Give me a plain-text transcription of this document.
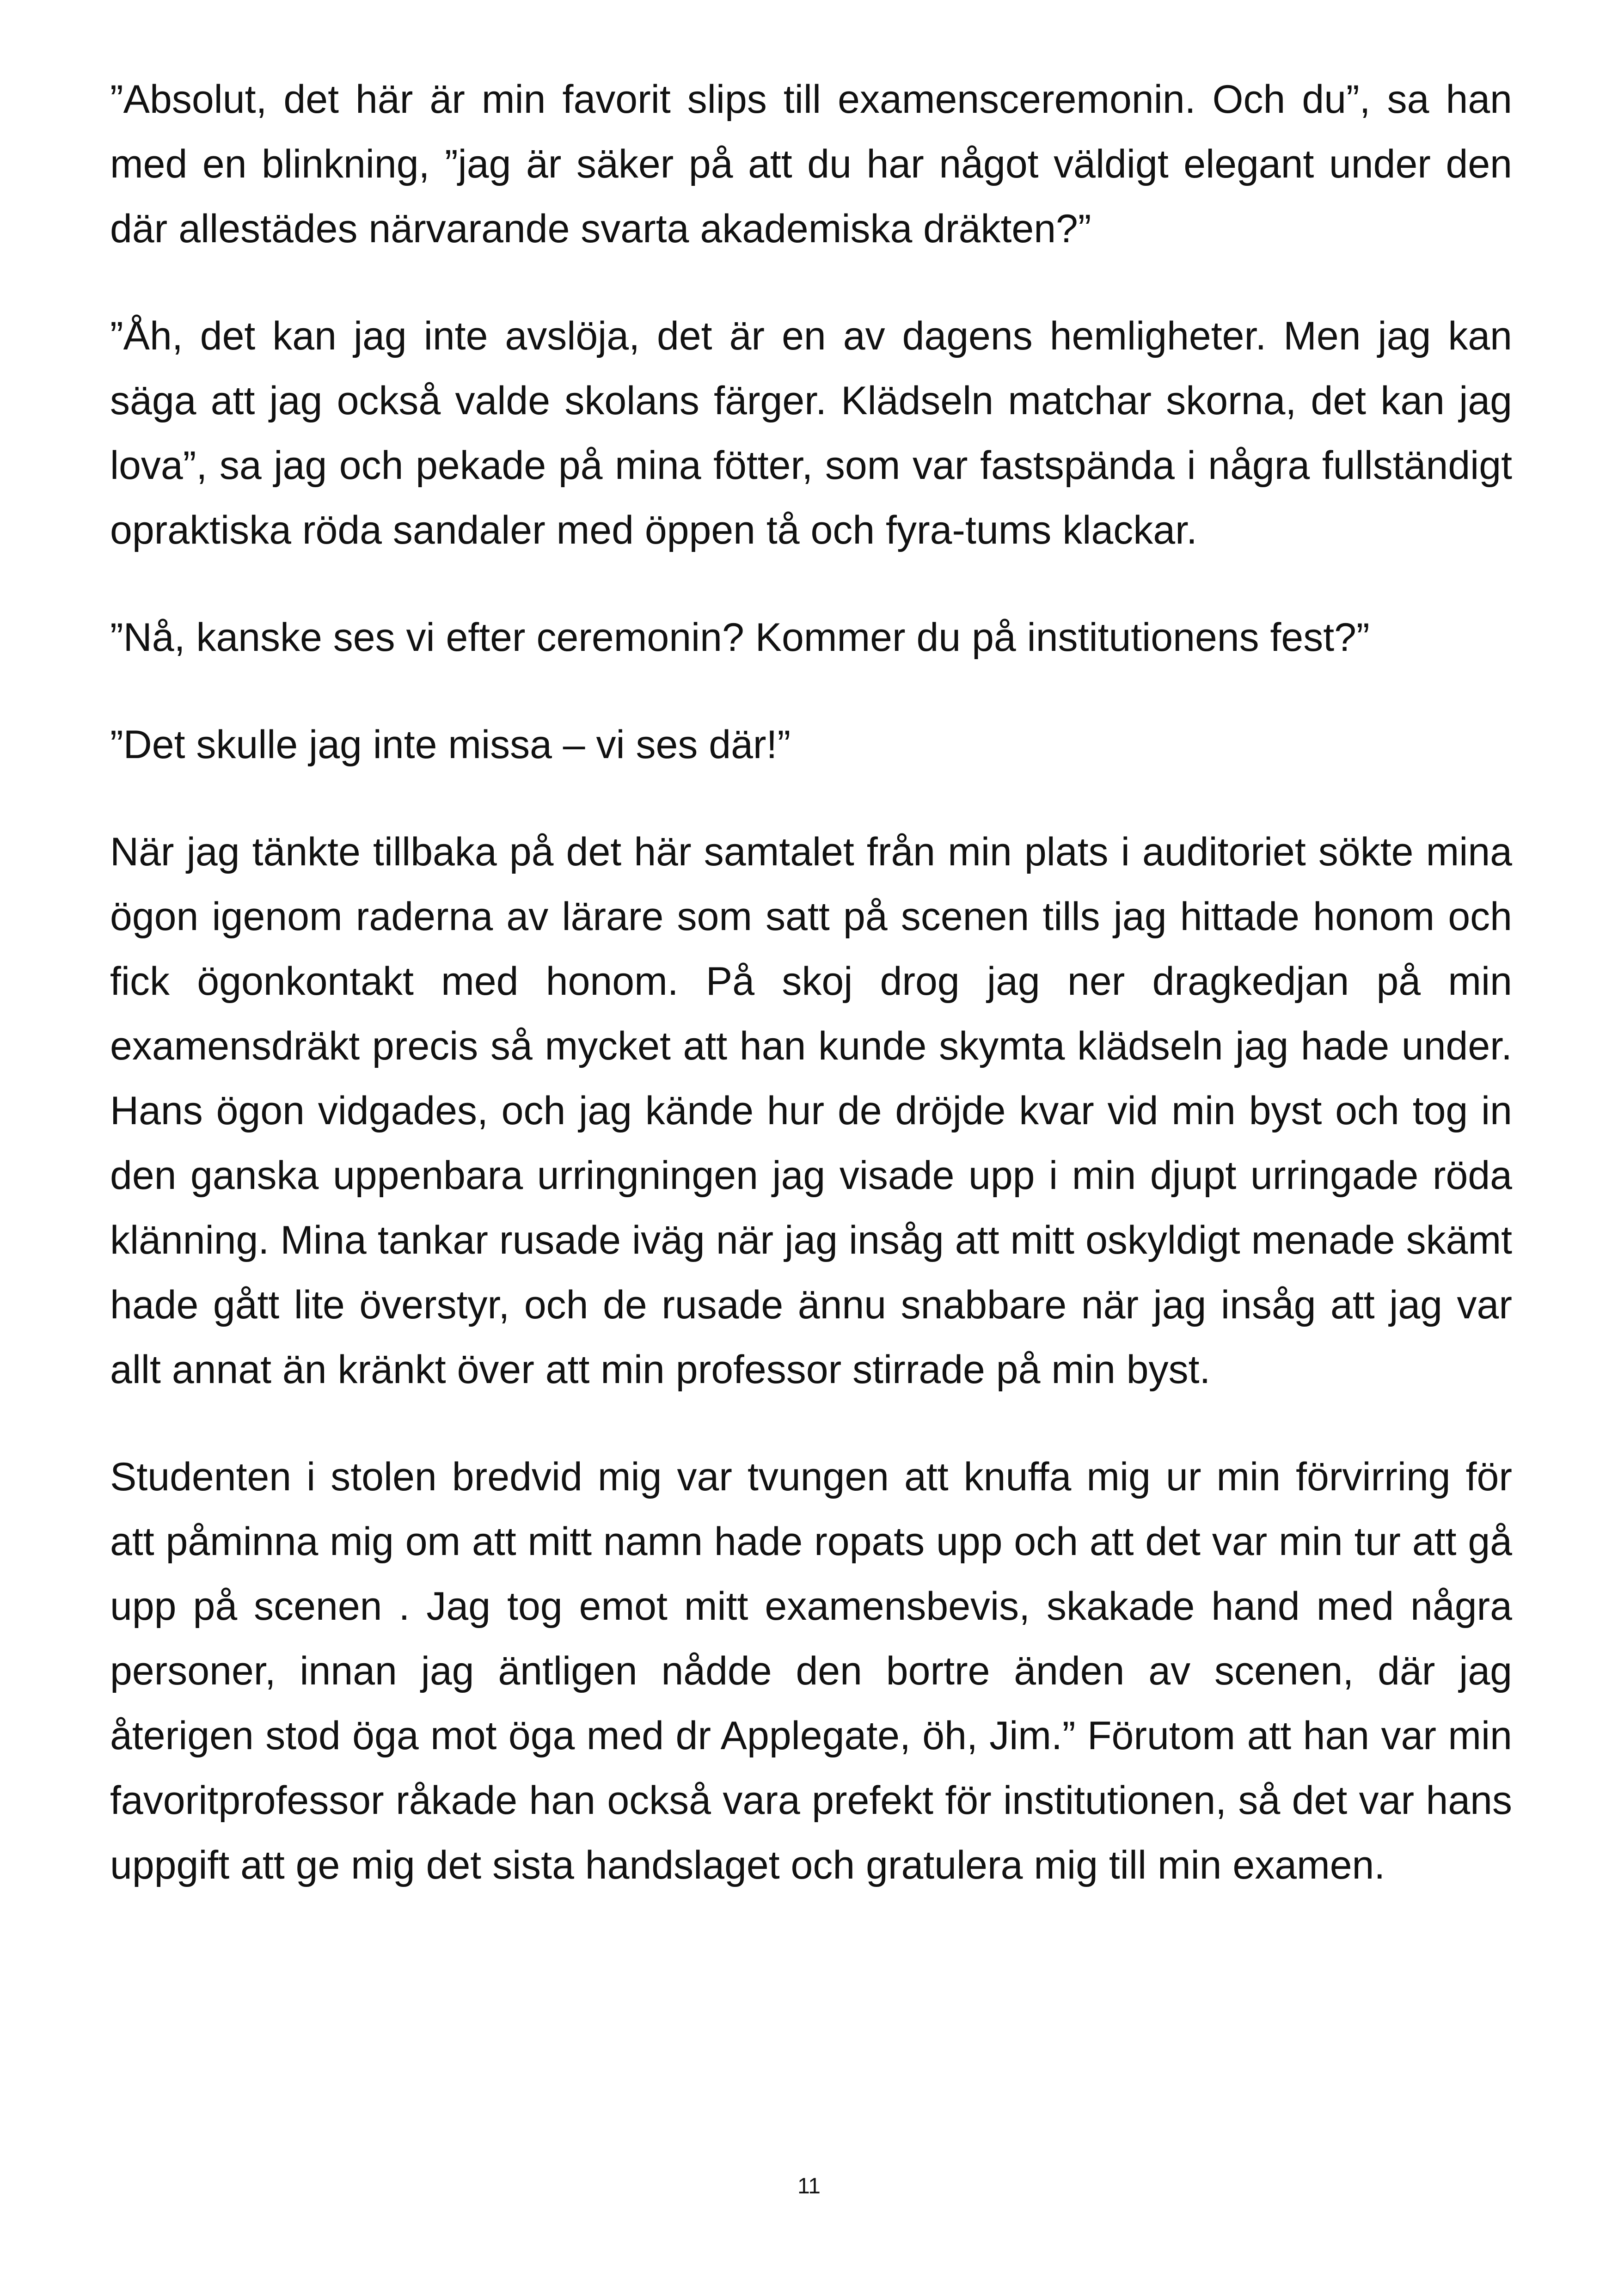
”Absolut, det här är min favorit slips till examensceremonin. Och du”, sa han med en blinkning, ”jag är säker på att du har något väldigt elegant under den där allestädes närvarande svarta akademiska dräkten?”

”Åh, det kan jag inte avslöja, det är en av dagens hemligheter. Men jag kan säga att jag också valde skolans färger. Klädseln matchar skorna, det kan jag lova”, sa jag och pekade på mina fötter, som var fastspända i några fullständigt opraktiska röda sandaler med öppen tå och fyra-tums klackar.

”Nå, kanske ses vi efter ceremonin? Kommer du på institutionens fest?”

”Det skulle jag inte missa – vi ses där!”

När jag tänkte tillbaka på det här samtalet från min plats i auditoriet sökte mina ögon igenom raderna av lärare som satt på scenen tills jag hittade honom och fick ögonkontakt med honom. På skoj drog jag ner dragkedjan på min examensdräkt precis så mycket att han kunde skymta klädseln jag hade under. Hans ögon vidgades, och jag kände hur de dröjde kvar vid min byst och tog in den ganska uppenbara urringningen jag visade upp i min djupt urringade röda klänning. Mina tankar rusade iväg när jag insåg att mitt oskyldigt menade skämt hade gått lite överstyr, och de rusade ännu snabbare när jag insåg att jag var allt annat än kränkt över att min professor stirrade på min byst.

Studenten i stolen bredvid mig var tvungen att knuffa mig ur min förvirring för att påminna mig om att mitt namn hade ropats upp och att det var min tur att gå upp på scenen . Jag tog emot mitt examensbevis, skakade hand med några personer, innan jag äntligen nådde den bortre änden av scenen, där jag återigen stod öga mot öga med dr Applegate, öh, Jim.” Förutom att han var min favoritprofessor råkade han också vara prefekt för institutionen, så det var hans uppgift att ge mig det sista handslaget och gratulera mig till min examen.

11
